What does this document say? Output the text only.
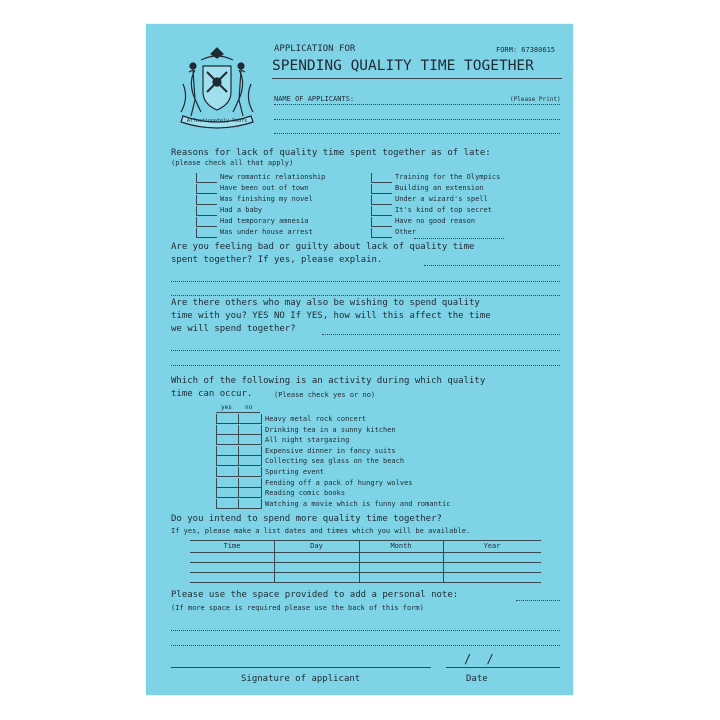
Affectionately Yours
APPLICATION FOR	FORM: 67380615
SPENDING QUALITY TIME TOGETHER
NAME OF APPLICANTS:	(Please Print)
Reasons for lack of quality time spent together as of late:
(please check all that apply)
New romantic relationship
Have been out of town
Was finishing my novel
Had a baby
Had temporary amnesia
Was under house arrest
Training for the Olympics
Building an extension
Under a wizard's spell
It's kind of top secret
Have no good reason
Other
Are you feeling bad or guilty about lack of quality time
spent together? If yes, please explain.
Are there others who may also be wishing to spend quality
time with you? YES NO If YES, how will this affect the time
we will spend together?
Which of the following is an activity during which quality
time can occur.	(Please check yes or no)
yes no
Heavy metal rock concert
Drinking tea in a sunny kitchen
All night stargazing
Expensive dinner in fancy suits
Collecting sea glass on the beach
Sporting event
Fending off a pack of hungry wolves
Reading comic books
Watching a movie which is funny and romantic
Do you intend to spend more quality time together?
If yes, please make a list dates and times which you will be available.
Time	Day	Month	Year
Please use the space provided to add a personal note:
(If more space is required please use the back of this form)
/ /
Signature of applicant	Date
